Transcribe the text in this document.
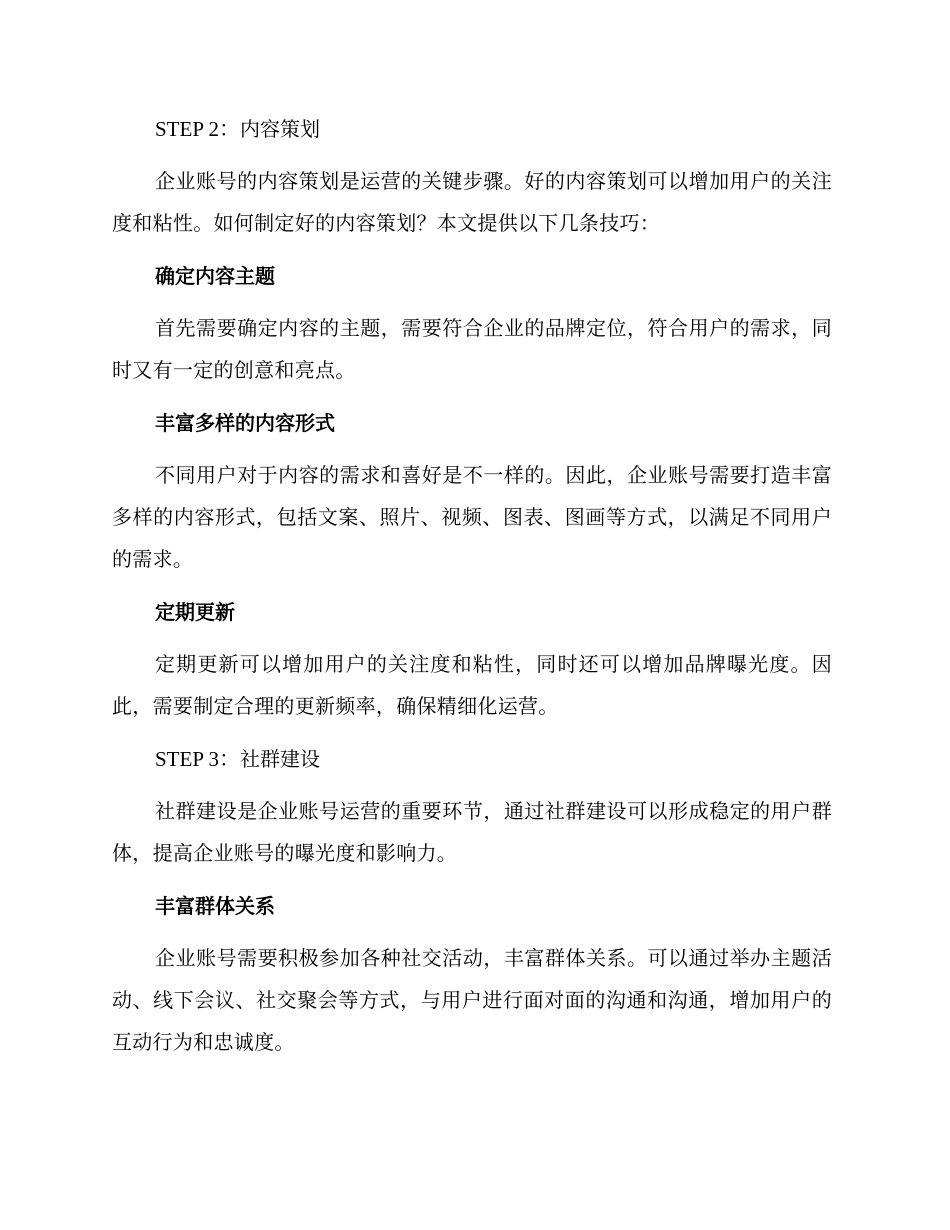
STEP 2：内容策划

企业账号的内容策划是运营的关键步骤。好的内容策划可以增加用户的关注度和粘性。如何制定好的内容策划？本文提供以下几条技巧：

确定内容主题

首先需要确定内容的主题，需要符合企业的品牌定位，符合用户的需求，同时又有一定的创意和亮点。

丰富多样的内容形式

不同用户对于内容的需求和喜好是不一样的。因此，企业账号需要打造丰富多样的内容形式，包括文案、照片、视频、图表、图画等方式，以满足不同用户的需求。

定期更新

定期更新可以增加用户的关注度和粘性，同时还可以增加品牌曝光度。因此，需要制定合理的更新频率，确保精细化运营。

STEP 3：社群建设

社群建设是企业账号运营的重要环节，通过社群建设可以形成稳定的用户群体，提高企业账号的曝光度和影响力。

丰富群体关系

企业账号需要积极参加各种社交活动，丰富群体关系。可以通过举办主题活动、线下会议、社交聚会等方式，与用户进行面对面的沟通和沟通，增加用户的互动行为和忠诚度。
